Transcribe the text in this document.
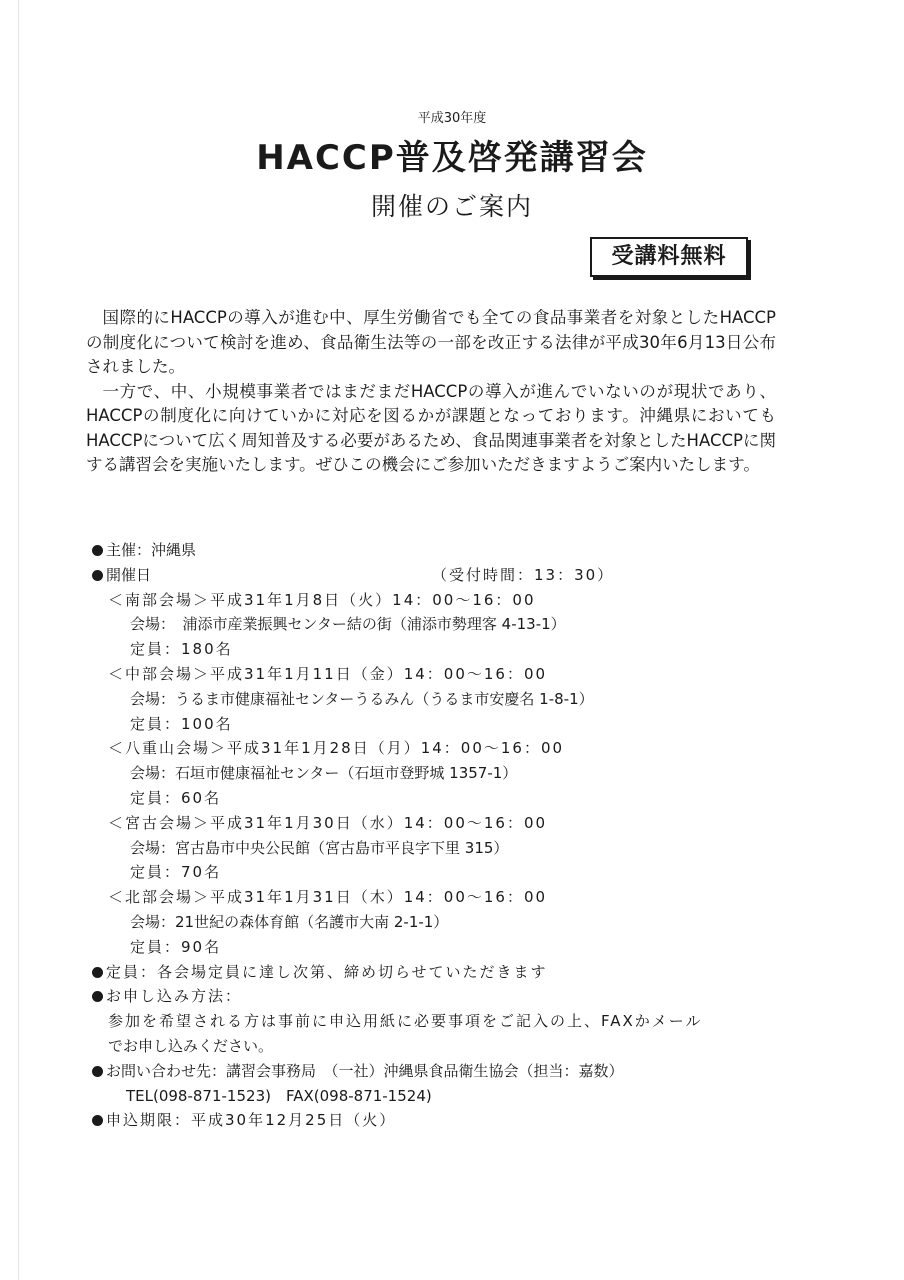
平成30年度
HACCP普及啓発講習会
開催のご案内
受講料無料

国際的にHACCPの導入が進む中、厚生労働省でも全ての食品事業者を対象としたHACCPの制度化について検討を進め、食品衛生法等の一部を改正する法律が平成30年6月13日公布されました。

一方で、中、小規模事業者ではまだまだHACCPの導入が進んでいないのが現状であり、HACCPの制度化に向けていかに対応を図るかが課題となっております。沖縄県においてもHACCPについて広く周知普及する必要があるため、食品関連事業者を対象としたHACCPに関する講習会を実施いたします。ぜひこの機会にご参加いただきますようご案内いたします。

主催：沖縄県
開催日	（受付時間：13：30）
＜南部会場＞平成31年1月8日（火）14：00～16：00
会場：　浦添市産業振興センター結の街（浦添市勢理客 4-13-1）
定員：180名
＜中部会場＞平成31年1月11日（金）14：00～16：00
会場：うるま市健康福祉センターうるみん（うるま市安慶名 1-8-1）
定員：100名
＜八重山会場＞平成31年1月28日（月）14：00～16：00
会場：石垣市健康福祉センター（石垣市登野城 1357-1）
定員：60名
＜宮古会場＞平成31年1月30日（水）14：00～16：00
会場：宮古島市中央公民館（宮古島市平良字下里 315）
定員：70名
＜北部会場＞平成31年1月31日（木）14：00～16：00
会場：21世紀の森体育館（名護市大南 2-1-1）
定員：90名
定員：各会場定員に達し次第、締め切らせていただきます
お申し込み方法：
参加を希望される方は事前に申込用紙に必要事項をご記入の上、FAXかメール
でお申し込みください。
お問い合わせ先：講習会事務局　（一社）沖縄県食品衛生協会（担当：嘉数）
TEL(098-871-1523)　FAX(098-871-1524)
申込期限：平成30年12月25日（火）
